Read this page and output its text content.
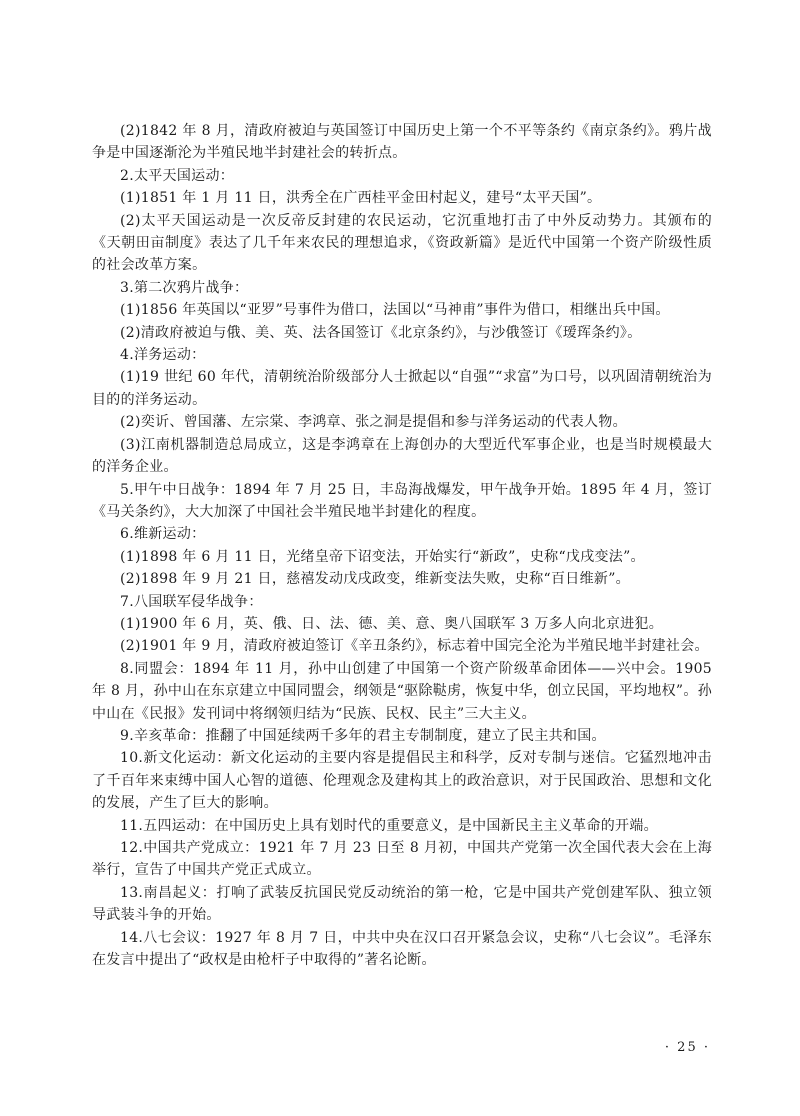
(2)1842 年 8 月，清政府被迫与英国签订中国历史上第一个不平等条约《南京条约》。鸦片战争是中国逐渐沦为半殖民地半封建社会的转折点。

2.太平天国运动：

(1)1851 年 1 月 11 日，洪秀全在广西桂平金田村起义，建号“太平天国”。

(2)太平天国运动是一次反帝反封建的农民运动，它沉重地打击了中外反动势力。其颁布的《天朝田亩制度》表达了几千年来农民的理想追求，《资政新篇》是近代中国第一个资产阶级性质的社会改革方案。

3.第二次鸦片战争：

(1)1856 年英国以“亚罗”号事件为借口，法国以“马神甫”事件为借口，相继出兵中国。

(2)清政府被迫与俄、美、英、法各国签订《北京条约》，与沙俄签订《瑷珲条约》。

4.洋务运动：

(1)19 世纪 60 年代，清朝统治阶级部分人士掀起以“自强”“求富”为口号，以巩固清朝统治为目的的洋务运动。

(2)奕䜣、曾国藩、左宗棠、李鸿章、张之洞是提倡和参与洋务运动的代表人物。

(3)江南机器制造总局成立，这是李鸿章在上海创办的大型近代军事企业，也是当时规模最大的洋务企业。

5.甲午中日战争：1894 年 7 月 25 日，丰岛海战爆发，甲午战争开始。1895 年 4 月，签订《马关条约》，大大加深了中国社会半殖民地半封建化的程度。

6.维新运动：

(1)1898 年 6 月 11 日，光绪皇帝下诏变法，开始实行“新政”，史称“戊戌变法”。

(2)1898 年 9 月 21 日，慈禧发动戊戌政变，维新变法失败，史称“百日维新”。

7.八国联军侵华战争：

(1)1900 年 6 月，英、俄、日、法、德、美、意、奥八国联军 3 万多人向北京进犯。

(2)1901 年 9 月，清政府被迫签订《辛丑条约》，标志着中国完全沦为半殖民地半封建社会。

8.同盟会：1894 年 11 月，孙中山创建了中国第一个资产阶级革命团体——兴中会。1905 年 8 月，孙中山在东京建立中国同盟会，纲领是“驱除鞑虏，恢复中华，创立民国，平均地权”。孙中山在《民报》发刊词中将纲领归结为“民族、民权、民主”三大主义。

9.辛亥革命：推翻了中国延续两千多年的君主专制制度，建立了民主共和国。

10.新文化运动：新文化运动的主要内容是提倡民主和科学，反对专制与迷信。它猛烈地冲击了千百年来束缚中国人心智的道德、伦理观念及建构其上的政治意识，对于民国政治、思想和文化的发展，产生了巨大的影响。

11.五四运动：在中国历史上具有划时代的重要意义，是中国新民主主义革命的开端。

12.中国共产党成立：1921 年 7 月 23 日至 8 月初，中国共产党第一次全国代表大会在上海举行，宣告了中国共产党正式成立。

13.南昌起义：打响了武装反抗国民党反动统治的第一枪，它是中国共产党创建军队、独立领导武装斗争的开始。

14.八七会议：1927 年 8 月 7 日，中共中央在汉口召开紧急会议，史称“八七会议”。毛泽东在发言中提出了“政权是由枪杆子中取得的”著名论断。

· 25 ·
